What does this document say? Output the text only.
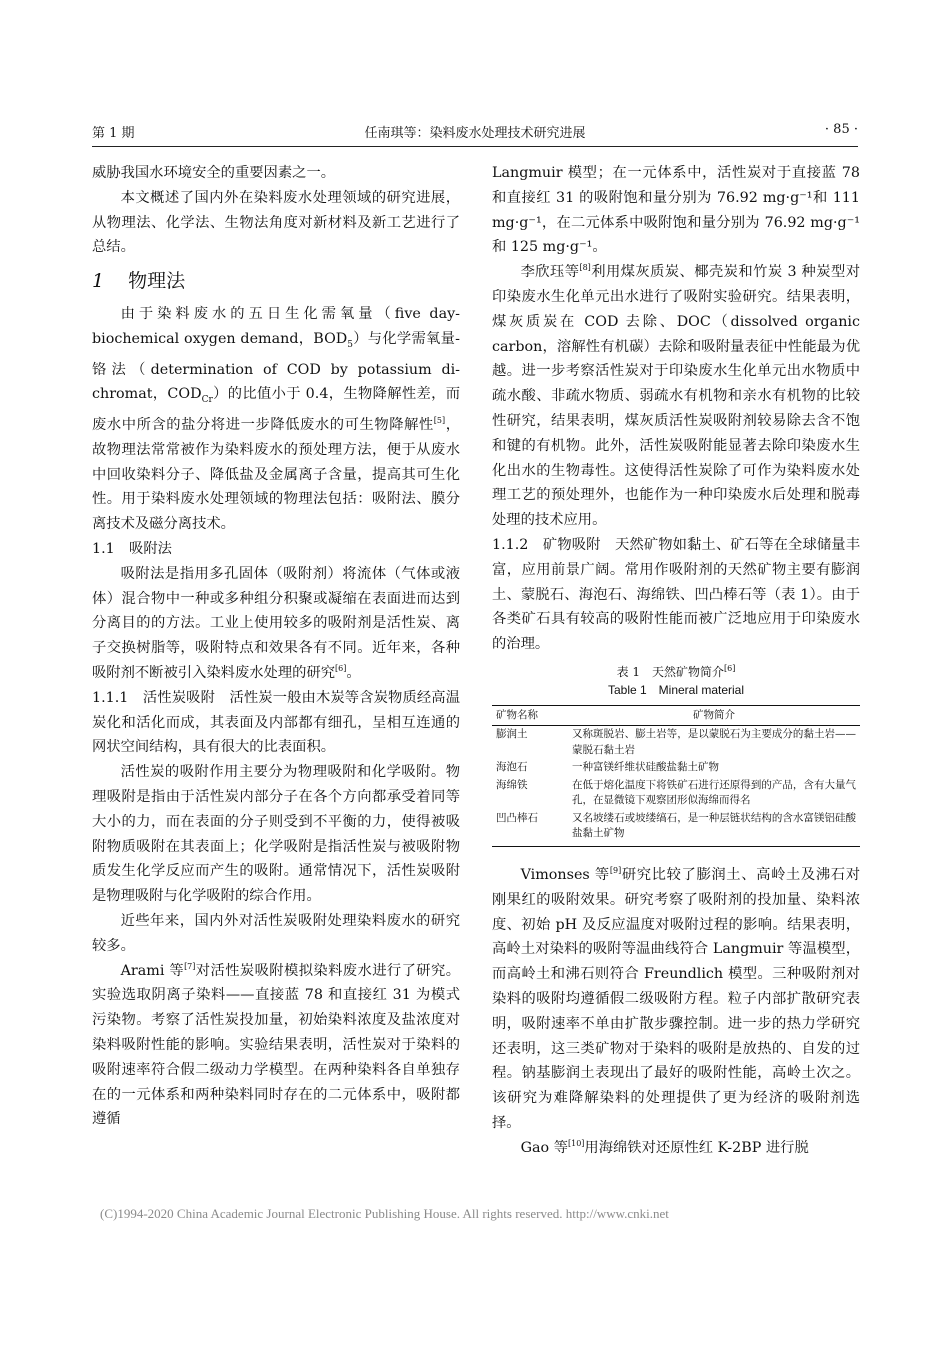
第 1 期	任南琪等：染料废水处理技术研究进展	· 85 ·

威胁我国水环境安全的重要因素之一。

本文概述了国内外在染料废水处理领域的研究进展，从物理法、化学法、生物法角度对新材料及新工艺进行了总结。

1 物理法

由于染料废水的五日生化需氧量（five day-biochemical oxygen demand，$BOD_5$）与化学需氧量-铬法（determination of COD by potassium di-chromat，$COD_{Cr}$）的比值小于 0.4，生物降解性差，而废水中所含的盐分将进一步降低废水的可生物降解性[5]，故物理法常常被作为染料废水的预处理方法，便于从废水中回收染料分子、降低盐及金属离子含量，提高其可生化性。用于染料废水处理领域的物理法包括：吸附法、膜分离技术及磁分离技术。

1.1　吸附法

吸附法是指用多孔固体（吸附剂）将流体（气体或液体）混合物中一种或多种组分积聚或凝缩在表面进而达到分离目的的方法。工业上使用较多的吸附剂是活性炭、离子交换树脂等，吸附特点和效果各有不同。近年来，各种吸附剂不断被引入染料废水处理的研究[6]。

1.1.1　活性炭吸附　活性炭一般由木炭等含炭物质经高温炭化和活化而成，其表面及内部都有细孔，呈相互连通的网状空间结构，具有很大的比表面积。

活性炭的吸附作用主要分为物理吸附和化学吸附。物理吸附是指由于活性炭内部分子在各个方向都承受着同等大小的力，而在表面的分子则受到不平衡的力，使得被吸附物质吸附在其表面上；化学吸附是指活性炭与被吸附物质发生化学反应而产生的吸附。通常情况下，活性炭吸附是物理吸附与化学吸附的综合作用。

近些年来，国内外对活性炭吸附处理染料废水的研究较多。

Arami 等[7]对活性炭吸附模拟染料废水进行了研究。实验选取阴离子染料——直接蓝 78 和直接红 31 为模式污染物。考察了活性炭投加量，初始染料浓度及盐浓度对染料吸附性能的影响。实验结果表明，活性炭对于染料的吸附速率符合假二级动力学模型。在两种染料各自单独存在的一元体系和两种染料同时存在的二元体系中，吸附都遵循

Langmuir 模型；在一元体系中，活性炭对于直接蓝 78 和直接红 31 的吸附饱和量分别为 76.92 mg·g⁻¹和 111 mg·g⁻¹，在二元体系中吸附饱和量分别为 76.92 mg·g⁻¹和 125 mg·g⁻¹。

李欣珏等[8]利用煤灰质炭、椰壳炭和竹炭 3 种炭型对印染废水生化单元出水进行了吸附实验研究。结果表明，煤灰质炭在 COD 去除、DOC（dissolved organic carbon，溶解性有机碳）去除和吸附量表征中性能最为优越。进一步考察活性炭对于印染废水生化单元出水物质中疏水酸、非疏水物质、弱疏水有机物和亲水有机物的比较性研究，结果表明，煤灰质活性炭吸附剂较易除去含不饱和键的有机物。此外，活性炭吸附能显著去除印染废水生化出水的生物毒性。这使得活性炭除了可作为染料废水处理工艺的预处理外，也能作为一种印染废水后处理和脱毒处理的技术应用。

1.1.2　矿物吸附　天然矿物如黏土、矿石等在全球储量丰富，应用前景广阔。常用作吸附剂的天然矿物主要有膨润土、蒙脱石、海泡石、海绵铁、凹凸棒石等（表 1）。由于各类矿石具有较高的吸附性能而被广泛地应用于印染废水的治理。

表 1　天然矿物简介[6]
Table 1　Mineral material
矿物名称	矿物简介
膨润土	又称斑脱岩、膨土岩等，是以蒙脱石为主要成分的黏土岩——蒙脱石黏土岩
海泡石	一种富镁纤维状硅酸盐黏土矿物
海绵铁	在低于熔化温度下将铁矿石进行还原得到的产品，含有大量气孔，在显微镜下观察团形似海绵而得名
凹凸棒石	又名坡缕石或坡缕缟石，是一种层链状结构的含水富镁铝硅酸盐黏土矿物

Vimonses 等[9]研究比较了膨润土、高岭土及沸石对刚果红的吸附效果。研究考察了吸附剂的投加量、染料浓度、初始 pH 及反应温度对吸附过程的影响。结果表明，高岭土对染料的吸附等温曲线符合 Langmuir 等温模型，而高岭土和沸石则符合 Freundlich 模型。三种吸附剂对染料的吸附均遵循假二级吸附方程。粒子内部扩散研究表明，吸附速率不单由扩散步骤控制。进一步的热力学研究还表明，这三类矿物对于染料的吸附是放热的、自发的过程。钠基膨润土表现出了最好的吸附性能，高岭土次之。该研究为难降解染料的处理提供了更为经济的吸附剂选择。

Gao 等[10]用海绵铁对还原性红 K-2BP 进行脱

(C)1994-2020 China Academic Journal Electronic Publishing House. All rights reserved. http://www.cnki.net
